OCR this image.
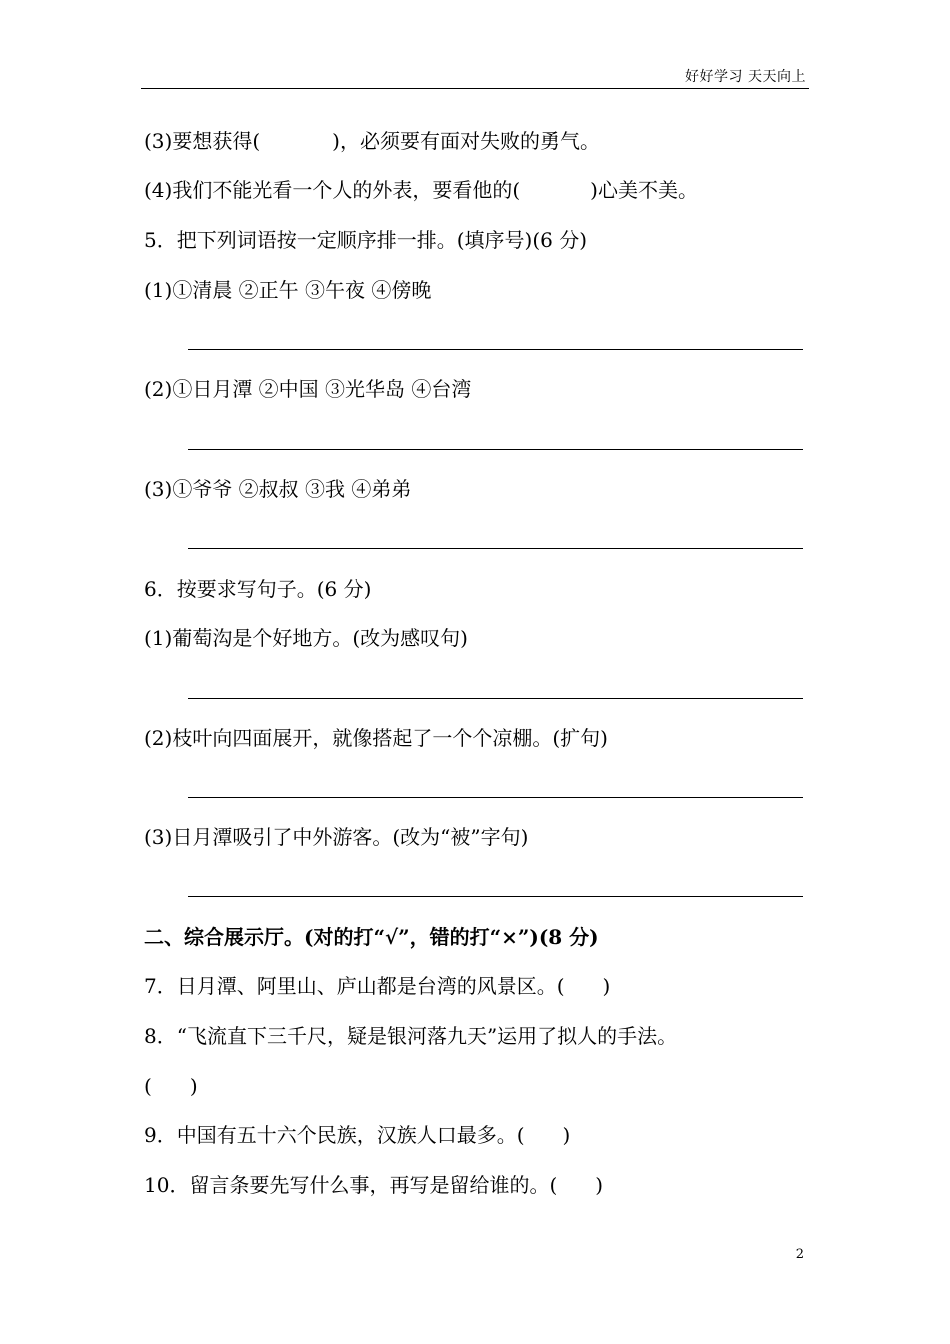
好好学习 天天向上
(3)要想获得(	)，必须要有面对失败的勇气。
(4)我们不能光看一个人的外表，要看他的(	)心美不美。
5．把下列词语按一定顺序排一排。(填序号)(6 分)
(1)①清晨 ②正午 ③午夜 ④傍晚
(2)①日月潭 ②中国 ③光华岛 ④台湾
(3)①爷爷 ②叔叔 ③我 ④弟弟
6．按要求写句子。(6 分)
(1)葡萄沟是个好地方。(改为感叹句)
(2)枝叶向四面展开，就像搭起了一个个凉棚。(扩句)
(3)日月潭吸引了中外游客。(改为“被”字句)
二、综合展示厅。(对的打“√”，错的打“×”)(8 分)
7．日月潭、阿里山、庐山都是台湾的风景区。( )
8．“飞流直下三千尺，疑是银河落九天”运用了拟人的手法。
( )
9．中国有五十六个民族，汉族人口最多。( )
10．留言条要先写什么事，再写是留给谁的。( )
2
